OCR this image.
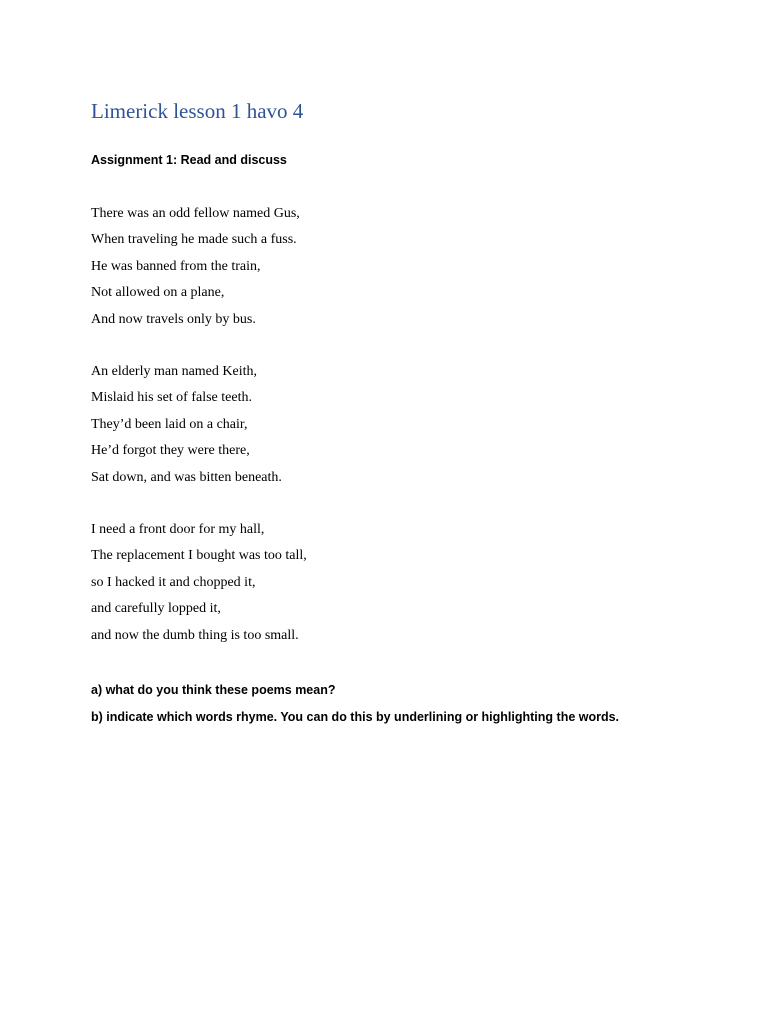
Limerick lesson 1 havo 4
Assignment 1: Read and discuss
There was an odd fellow named Gus,
When traveling he made such a fuss.
He was banned from the train,
Not allowed on a plane,
And now travels only by bus.
An elderly man named Keith,
Mislaid his set of false teeth.
They’d been laid on a chair,
He’d forgot they were there,
Sat down, and was bitten beneath.
I need a front door for my hall,
The replacement I bought was too tall,
so I hacked it and chopped it,
and carefully lopped it,
and now the dumb thing is too small.
a) what do you think these poems mean?
b) indicate which words rhyme. You can do this by underlining or highlighting the words.
